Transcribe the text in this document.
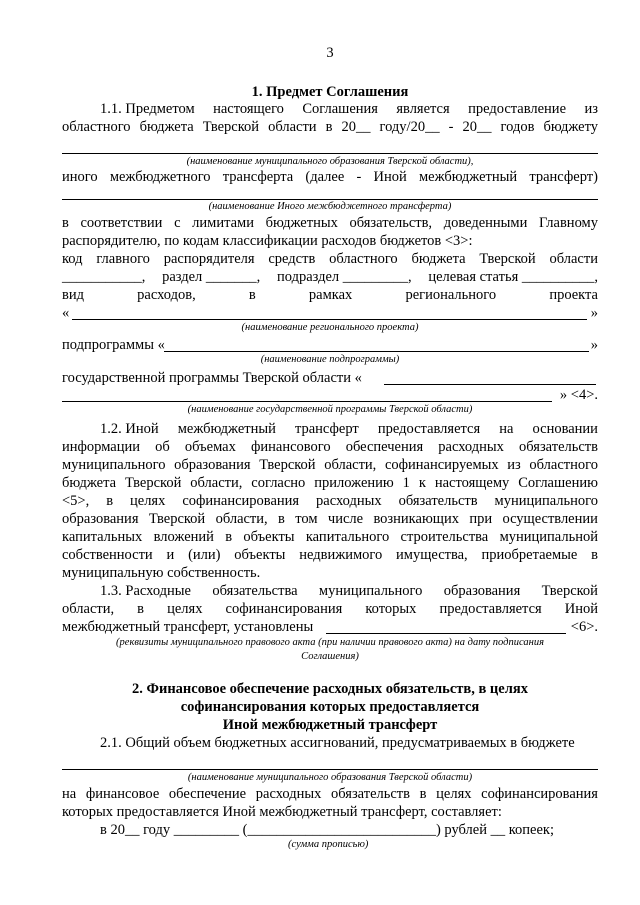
3
1. Предмет Соглашения
1.1. Предметом настоящего Соглашения является предоставление из
областного бюджета Тверской области в 20__ году/20__ - 20__ годов бюджету
(наименование муниципального образования Тверской области),
иного межбюджетного трансферта (далее - Иной межбюджетный трансферт)
(наименование Иного межбюджетного трансферта)
в соответствии с лимитами бюджетных обязательств, доведенными Главному
распорядителю, по кодам классификации расходов бюджетов <3>:
код главного распорядителя средств областного бюджета Тверской области
___________, раздел _______, подраздел _________, целевая статья __________,
вид	расходов,	в	рамках	регионального	проекта
«	»
(наименование регионального проекта)
подпрограммы «	»
(наименование подпрограммы)
государственной программы Тверской области «
» <4>.
(наименование государственной программы Тверской области)
1.2. Иной межбюджетный трансферт предоставляется на основании
информации об объемах финансового обеспечения расходных обязательств
муниципального образования Тверской области, софинансируемых из областного
бюджета Тверской области, согласно приложению 1 к настоящему Соглашению
<5>, в целях софинансирования расходных обязательств муниципального
образования Тверской области, в том числе возникающих при осуществлении
капитальных вложений в объекты капитального строительства муниципальной
собственности и (или) объекты недвижимого имущества, приобретаемые в
муниципальную собственность.
1.3. Расходные обязательства муниципального образования Тверской
области, в целях софинансирования которых предоставляется Иной
межбюджетный трансферт, установлены	<6>.
(реквизиты муниципального правового акта (при наличии правового акта) на дату подписания
Соглашения)
2. Финансовое обеспечение расходных обязательств, в целях
софинансирования которых предоставляется
Иной межбюджетный трансферт
2.1. Общий объем бюджетных ассигнований, предусматриваемых в бюджете
(наименование муниципального образования Тверской области)
на финансовое обеспечение расходных обязательств в целях софинансирования
которых предоставляется Иной межбюджетный трансферт, составляет:
в 20__ году _________ (__________________________) рублей __ копеек;
(сумма прописью)
